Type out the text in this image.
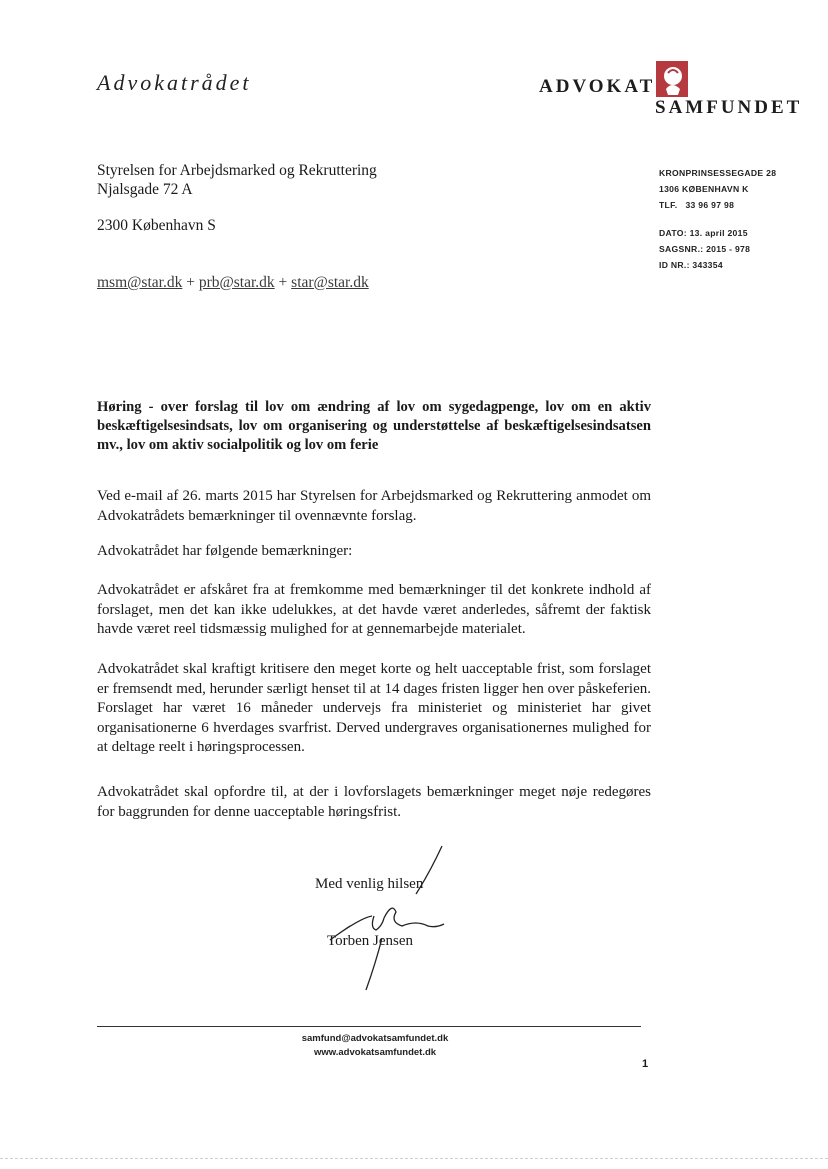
Advokatrådet	ADVOKAT
SAMFUNDET
Styrelsen for Arbejdsmarked og Rekruttering
Njalsgade 72 A
2300 København S
msm@star.dk + prb@star.dk + star@star.dk
KRONPRINSESSEGADE 28
1306 KØBENHAVN K
TLF.   33 96 97 98
DATO: 13. april 2015
SAGSNR.: 2015 - 978
ID NR.: 343354
Høring - over forslag til lov om ændring af lov om sygedagpenge, lov om en aktiv beskæftigelsesindsats, lov om organisering og understøttelse af beskæftigelsesindsatsen mv., lov om aktiv socialpolitik og lov om ferie
Ved e-mail af 26. marts 2015 har Styrelsen for Arbejdsmarked og Rekruttering anmodet om Advokatrådets bemærkninger til ovennævnte forslag.
Advokatrådet har følgende bemærkninger:
Advokatrådet er afskåret fra at fremkomme med bemærkninger til det konkrete indhold af forslaget, men det kan ikke udelukkes, at det havde været anderledes, såfremt der faktisk havde været reel tidsmæssig mulighed for at gennemarbejde materialet.
Advokatrådet skal kraftigt kritisere den meget korte og helt uacceptable frist, som forslaget er fremsendt med, herunder særligt henset til at 14 dages fristen ligger hen over påskeferien. Forslaget har været 16 måneder undervejs fra ministeriet og ministeriet har givet organisationerne 6 hverdages svarfrist. Derved undergraves organisationernes mulighed for at deltage reelt i høringsprocessen.
Advokatrådet skal opfordre til, at der i lovforslagets bemærkninger meget nøje redegøres for baggrunden for denne uacceptable høringsfrist.
Med venlig hilsen
Torben Jensen
samfund@advokatsamfundet.dk
www.advokatsamfundet.dk
1
